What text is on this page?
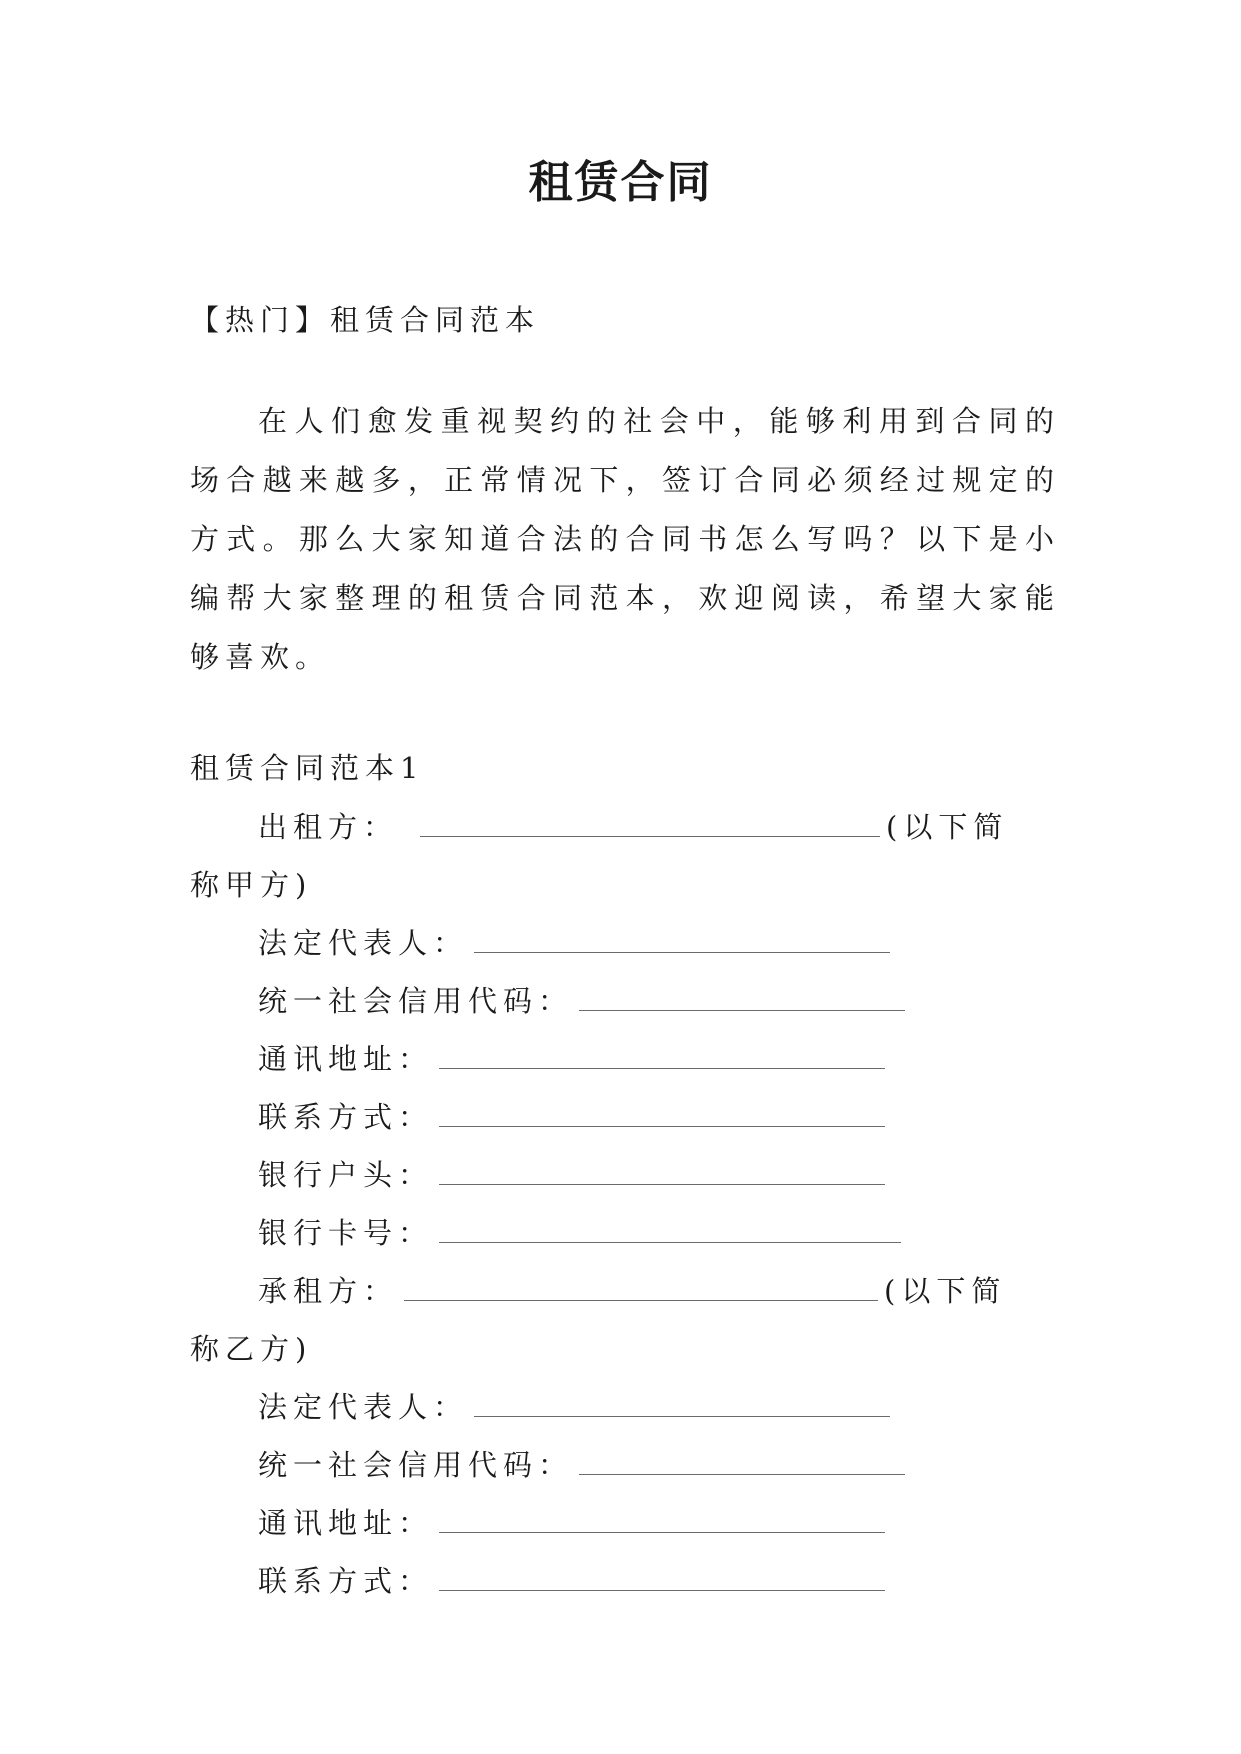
租赁合同

【热门】租赁合同范本

在人们愈发重视契约的社会中，能够利用到合同的场合越来越多，正常情况下，签订合同必须经过规定的方式。那么大家知道合法的合同书怎么写吗？以下是小编帮大家整理的租赁合同范本，欢迎阅读，希望大家能够喜欢。

租赁合同范本1

出租方：	(以下简
称甲方)
法定代表人：
统一社会信用代码：
通讯地址：
联系方式：
银行户头：
银行卡号：
承租方：	(以下简
称乙方)
法定代表人：
统一社会信用代码：
通讯地址：
联系方式：
